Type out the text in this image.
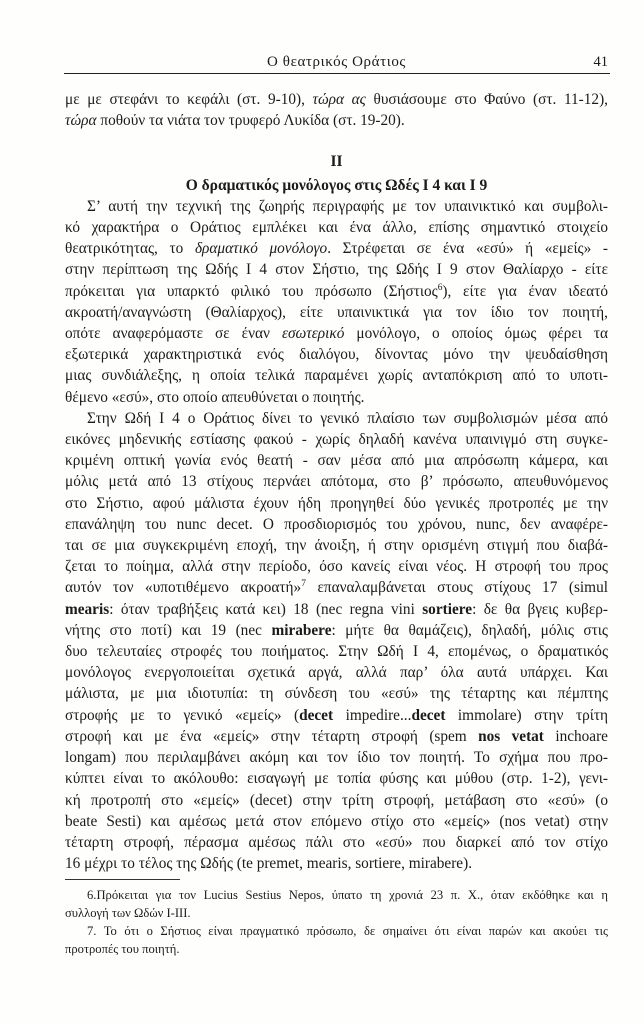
Ο θεατρικός Οράτιος	41
με με στεφάνι το κεφάλι (στ. 9-10), τώρα ας θυσιάσουμε στο Φαύνο (στ. 11-12),
τώρα ποθούν τα νιάτα τον τρυφερό Λυκίδα (στ. 19-20).
II
Ο δραματικός μονόλογος στις Ωδές I 4 και I 9
Σ’ αυτή την τεχνική της ζωηρής περιγραφής με τον υπαινικτικό και συμβολι-
κό χαρακτήρα ο Οράτιος εμπλέκει και ένα άλλο, επίσης σημαντικό στοιχείο
θεατρικότητας, το δραματικό μονόλογο. Στρέφεται σε ένα «εσύ» ή «εμείς» -
στην περίπτωση της Ωδής I 4 στον Σήστιο, της Ωδής I 9 στον Θαλίαρχο - είτε
πρόκειται για υπαρκτό φιλικό του πρόσωπο (Σήστιος$^6$), είτε για έναν ιδεατό
ακροατή/αναγνώστη (Θαλίαρχος), είτε υπαινικτικά για τον ίδιο τον ποιητή,
οπότε αναφερόμαστε σε έναν εσωτερικό μονόλογο, ο οποίος όμως φέρει τα
εξωτερικά χαρακτηριστικά ενός διαλόγου, δίνοντας μόνο την ψευδαίσθηση
μιας συνδιάλεξης, η οποία τελικά παραμένει χωρίς ανταπόκριση από το υποτι-
θέμενο «εσύ», στο οποίο απευθύνεται ο ποιητής.
Στην Ωδή I 4 ο Οράτιος δίνει το γενικό πλαίσιο των συμβολισμών μέσα από
εικόνες μηδενικής εστίασης φακού - χωρίς δηλαδή κανένα υπαινιγμό στη συγκε-
κριμένη οπτική γωνία ενός θεατή - σαν μέσα από μια απρόσωπη κάμερα, και
μόλις μετά από 13 στίχους περνάει απότομα, στο β’ πρόσωπο, απευθυνόμενος
στο Σήστιο, αφού μάλιστα έχουν ήδη προηγηθεί δύο γενικές προτροπές με την
επανάληψη του nunc decet. Ο προσδιορισμός του χρόνου, nunc, δεν αναφέρε-
ται σε μια συγκεκριμένη εποχή, την άνοιξη, ή στην ορισμένη στιγμή που διαβά-
ζεται το ποίημα, αλλά στην περίοδο, όσο κανείς είναι νέος. Η στροφή του προς
αυτόν τον «υποτιθέμενο ακροατή»$^7$ επαναλαμβάνεται στους στίχους 17 (simul
mearis: όταν τραβήξεις κατά κει) 18 (nec regna vini sortiere: δε θα βγεις κυβερ-
νήτης στο ποτί) και 19 (nec mirabere: μήτε θα θαμάζεις), δηλαδή, μόλις στις
δυο τελευταίες στροφές του ποιήματος. Στην Ωδή I 4, επομένως, ο δραματικός
μονόλογος ενεργοποιείται σχετικά αργά, αλλά παρ’ όλα αυτά υπάρχει. Και
μάλιστα, με μια ιδιοτυπία: τη σύνδεση του «εσύ» της τέταρτης και πέμπτης
στροφής με το γενικό «εμείς» (decet impedire...decet immolare) στην τρίτη
στροφή και με ένα «εμείς» στην τέταρτη στροφή (spem nos vetat inchoare
longam) που περιλαμβάνει ακόμη και τον ίδιο τον ποιητή. Το σχήμα που προ-
κύπτει είναι το ακόλουθο: εισαγωγή με τοπία φύσης και μύθου (στρ. 1-2), γενι-
κή προτροπή στο «εμείς» (decet) στην τρίτη στροφή, μετάβαση στο «εσύ» (o
beate Sesti) και αμέσως μετά στον επόμενο στίχο στο «εμείς» (nos vetat) στην
τέταρτη στροφή, πέρασμα αμέσως πάλι στο «εσύ» που διαρκεί από τον στίχο
16 μέχρι το τέλος της Ωδής (te premet, mearis, sortiere, mirabere).
6.Πρόκειται για τον Lucius Sestius Nepos, ύπατο τη χρονιά 23 π. Χ., όταν εκδόθηκε και η
συλλογή των Ωδών I-III.
7. Το ότι ο Σήστιος είναι πραγματικό πρόσωπο, δε σημαίνει ότι είναι παρών και ακούει τις
προτροπές του ποιητή.
